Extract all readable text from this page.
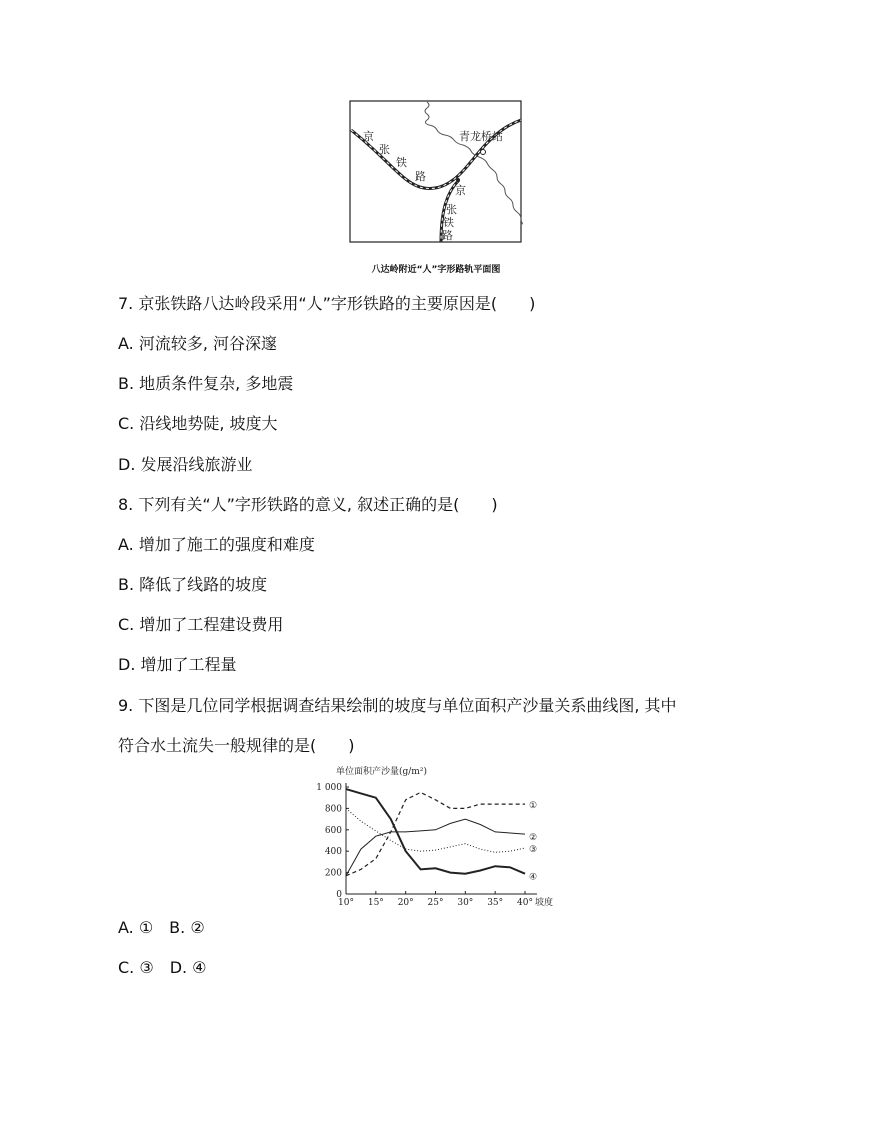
京
张
铁
路
青龙桥站
京
张
铁
路
八达岭附近“人”字形路轨平面图
7. 京张铁路八达岭段采用“人”字形铁路的主要原因是(　　)
A. 河流较多, 河谷深邃
B. 地质条件复杂, 多地震
C. 沿线地势陡, 坡度大
D. 发展沿线旅游业
8. 下列有关“人”字形铁路的意义, 叙述正确的是(　　)
A. 增加了施工的强度和难度
B. 降低了线路的坡度
C. 增加了工程建设费用
D. 增加了工程量
9. 下图是几位同学根据调查结果绘制的坡度与单位面积产沙量关系曲线图, 其中
符合水土流失一般规律的是(　　)
单位面积产沙量(g/m²)
0
200
400
600
800
1 000
10° 15° 20° 25° 30° 35° 40° 坡度
①
②
③
④
A. ①　B. ②
C. ③　D. ④
